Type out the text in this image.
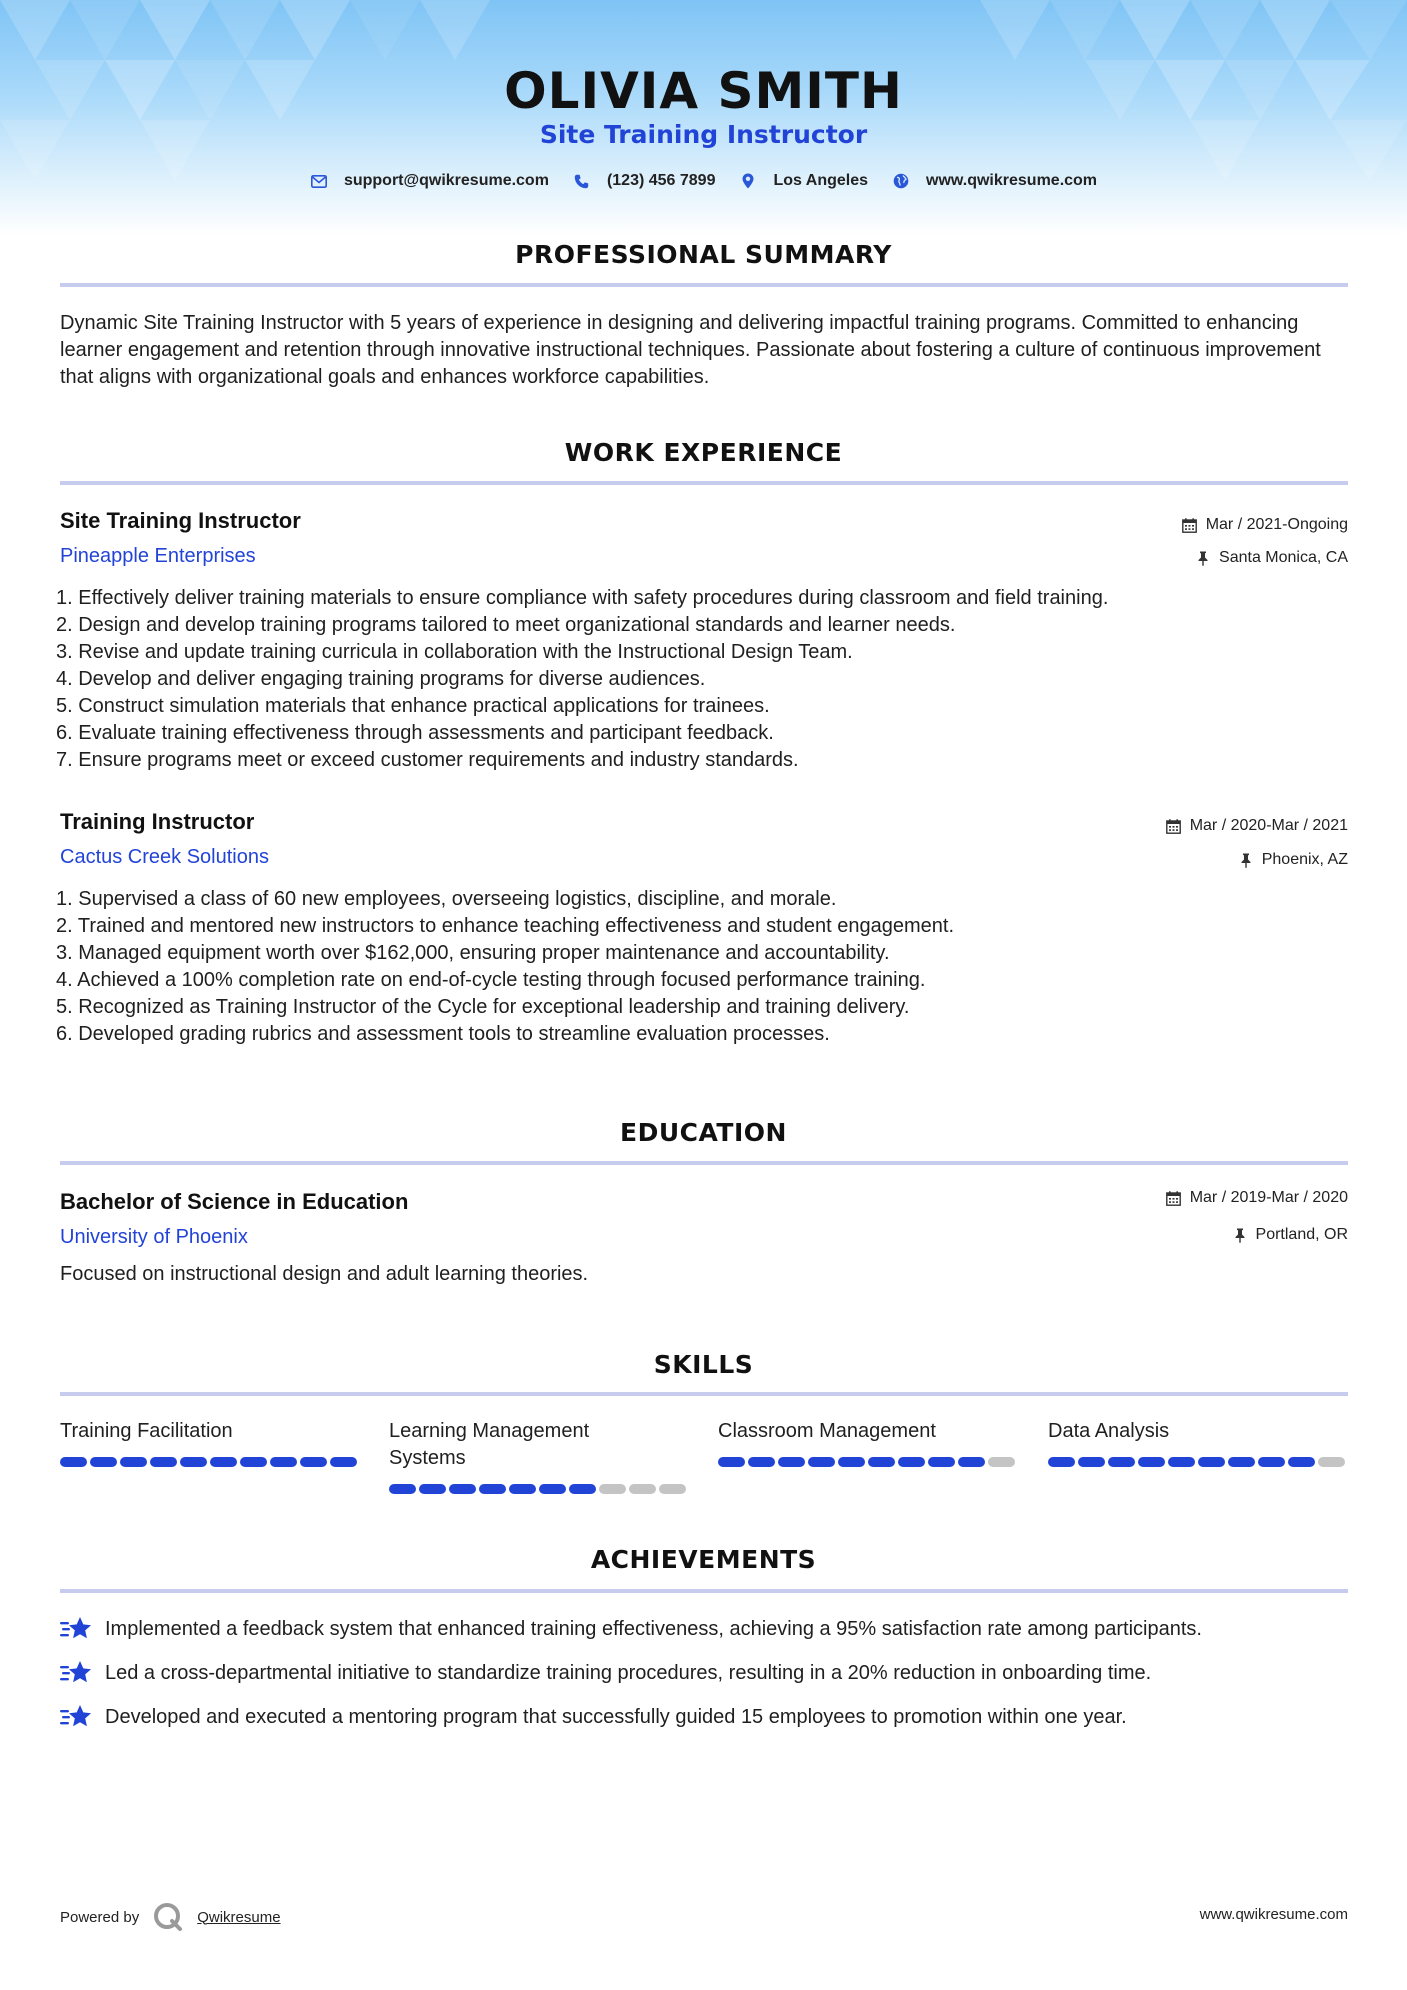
OLIVIA SMITH
Site Training Instructor
support@qwikresume.com	(123) 456 7899	Los Angeles	www.qwikresume.com
PROFESSIONAL SUMMARY
Dynamic Site Training Instructor with 5 years of experience in designing and delivering impactful training programs. Committed to enhancing learner engagement and retention through innovative instructional techniques. Passionate about fostering a culture of continuous improvement that aligns with organizational goals and enhances workforce capabilities.
WORK EXPERIENCE
Site Training Instructor
Pineapple Enterprises
Mar / 2021-Ongoing
Santa Monica, CA
1. Effectively deliver training materials to ensure compliance with safety procedures during classroom and field training.
2. Design and develop training programs tailored to meet organizational standards and learner needs.
3. Revise and update training curricula in collaboration with the Instructional Design Team.
4. Develop and deliver engaging training programs for diverse audiences.
5. Construct simulation materials that enhance practical applications for trainees.
6. Evaluate training effectiveness through assessments and participant feedback.
7. Ensure programs meet or exceed customer requirements and industry standards.
Training Instructor
Cactus Creek Solutions
Mar / 2020-Mar / 2021
Phoenix, AZ
1. Supervised a class of 60 new employees, overseeing logistics, discipline, and morale.
2. Trained and mentored new instructors to enhance teaching effectiveness and student engagement.
3. Managed equipment worth over $162,000, ensuring proper maintenance and accountability.
4. Achieved a 100% completion rate on end-of-cycle testing through focused performance training.
5. Recognized as Training Instructor of the Cycle for exceptional leadership and training delivery.
6. Developed grading rubrics and assessment tools to streamline evaluation processes.
EDUCATION
Bachelor of Science in Education
University of Phoenix
Mar / 2019-Mar / 2020
Portland, OR
Focused on instructional design and adult learning theories.
SKILLS
Training Facilitation	Learning Management Systems
Classroom Management	Data Analysis
ACHIEVEMENTS
Implemented a feedback system that enhanced training effectiveness, achieving a 95% satisfaction rate among participants.
Led a cross-departmental initiative to standardize training procedures, resulting in a 20% reduction in onboarding time.
Developed and executed a mentoring program that successfully guided 15 employees to promotion within one year.
Powered by	Qwikresume	www.qwikresume.com
